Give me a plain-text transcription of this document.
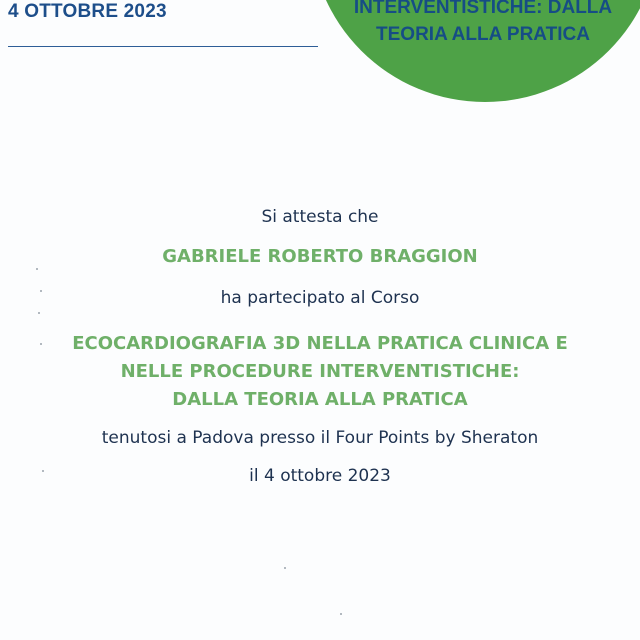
INTERVENTISTICHE: DALLA
TEORIA ALLA PRATICA
4 OTTOBRE 2023
Si attesta che
GABRIELE ROBERTO BRAGGION
ha partecipato al Corso
ECOCARDIOGRAFIA 3D NELLA PRATICA CLINICA E
NELLE PROCEDURE INTERVENTISTICHE:
DALLA TEORIA ALLA PRATICA
tenutosi a Padova presso il Four Points by Sheraton
il 4 ottobre 2023
